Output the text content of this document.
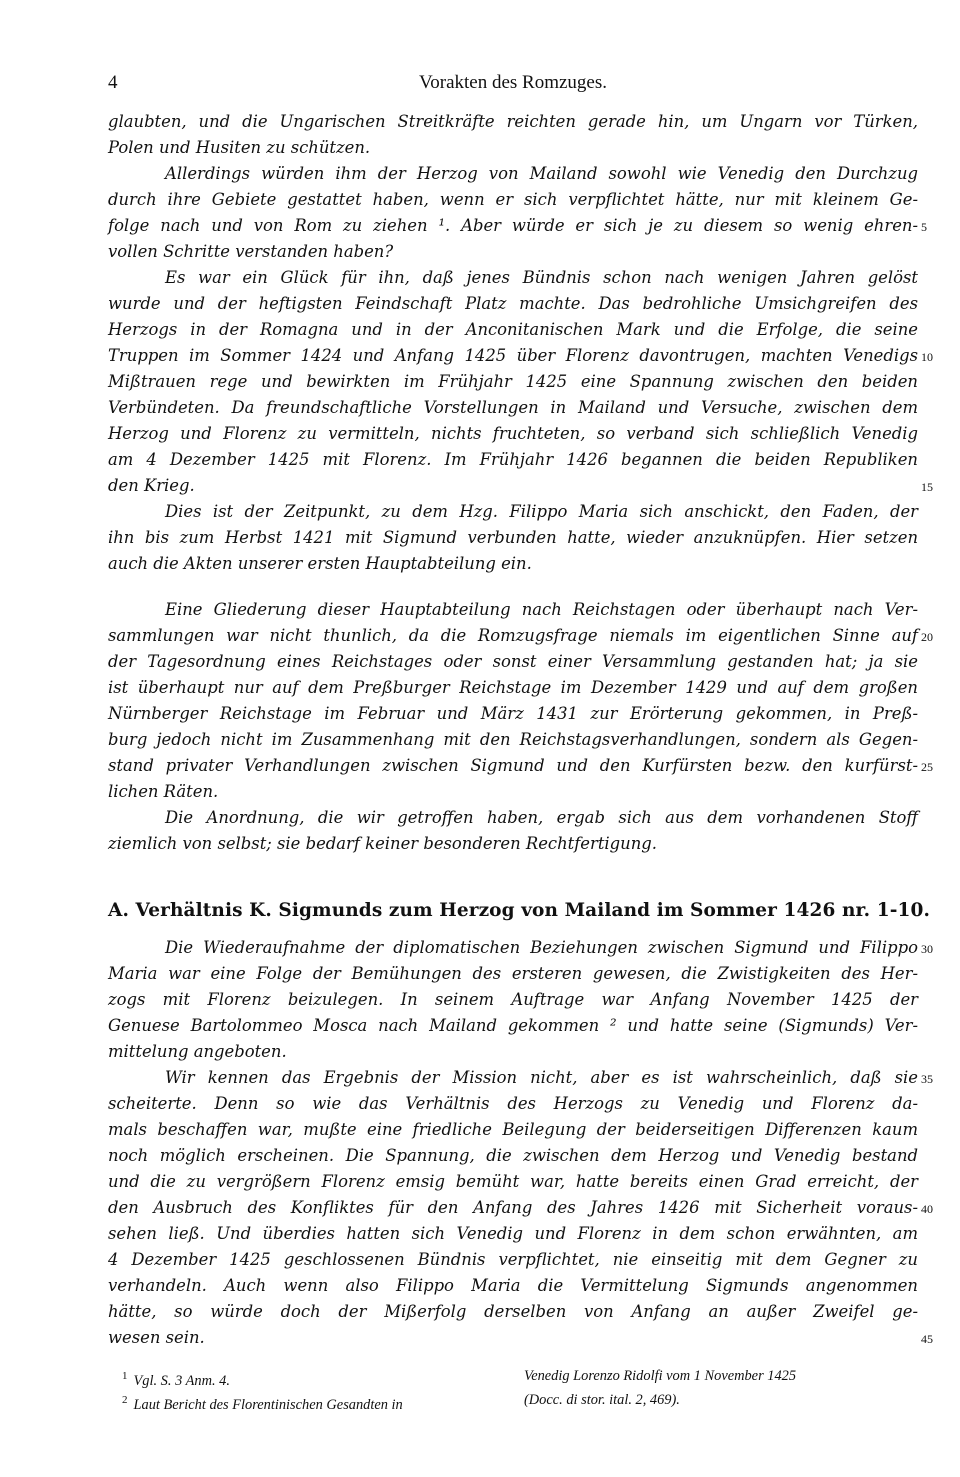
4	Vorakten des Romzuges.
glaubten, und die Ungarischen Streitkräfte reichten gerade hin, um Ungarn vor Türken,
Polen und Husiten zu schützen.
Allerdings würden ihm der Herzog von Mailand sowohl wie Venedig den Durchzug
durch ihre Gebiete gestattet haben, wenn er sich verpflichtet hätte, nur mit kleinem Ge-
folge nach und von Rom zu ziehen ¹. Aber würde er sich je zu diesem so wenig ehren-
vollen Schritte verstanden haben?
Es war ein Glück für ihn, daß jenes Bündnis schon nach wenigen Jahren gelöst
wurde und der heftigsten Feindschaft Platz machte. Das bedrohliche Umsichgreifen des
Herzogs in der Romagna und in der Anconitanischen Mark und die Erfolge, die seine
Truppen im Sommer 1424 und Anfang 1425 über Florenz davontrugen, machten Venedigs
Mißtrauen rege und bewirkten im Frühjahr 1425 eine Spannung zwischen den beiden
Verbündeten. Da freundschaftliche Vorstellungen in Mailand und Versuche, zwischen dem
Herzog und Florenz zu vermitteln, nichts fruchteten, so verband sich schließlich Venedig
am 4 Dezember 1425 mit Florenz. Im Frühjahr 1426 begannen die beiden Republiken
den Krieg.
Dies ist der Zeitpunkt, zu dem Hzg. Filippo Maria sich anschickt, den Faden, der
ihn bis zum Herbst 1421 mit Sigmund verbunden hatte, wieder anzuknüpfen. Hier setzen
auch die Akten unserer ersten Hauptabteilung ein.
Eine Gliederung dieser Hauptabteilung nach Reichstagen oder überhaupt nach Ver-
sammlungen war nicht thunlich, da die Romzugsfrage niemals im eigentlichen Sinne auf
der Tagesordnung eines Reichstages oder sonst einer Versammlung gestanden hat; ja sie
ist überhaupt nur auf dem Preßburger Reichstage im Dezember 1429 und auf dem großen
Nürnberger Reichstage im Februar und März 1431 zur Erörterung gekommen, in Preß-
burg jedoch nicht im Zusammenhang mit den Reichstagsverhandlungen, sondern als Gegen-
stand privater Verhandlungen zwischen Sigmund und den Kurfürsten bezw. den kurfürst-
lichen Räten.
Die Anordnung, die wir getroffen haben, ergab sich aus dem vorhandenen Stoff
ziemlich von selbst; sie bedarf keiner besonderen Rechtfertigung.
A. Verhältnis K. Sigmunds zum Herzog von Mailand im Sommer 1426 nr. 1-10.
Die Wiederaufnahme der diplomatischen Beziehungen zwischen Sigmund und Filippo
Maria war eine Folge der Bemühungen des ersteren gewesen, die Zwistigkeiten des Her-
zogs mit Florenz beizulegen. In seinem Auftrage war Anfang November 1425 der
Genuese Bartolommeo Mosca nach Mailand gekommen ² und hatte seine (Sigmunds) Ver-
mittelung angeboten.
Wir kennen das Ergebnis der Mission nicht, aber es ist wahrscheinlich, daß sie
scheiterte. Denn so wie das Verhältnis des Herzogs zu Venedig und Florenz da-
mals beschaffen war, mußte eine friedliche Beilegung der beiderseitigen Differenzen kaum
noch möglich erscheinen. Die Spannung, die zwischen dem Herzog und Venedig bestand
und die zu vergrößern Florenz emsig bemüht war, hatte bereits einen Grad erreicht, der
den Ausbruch des Konfliktes für den Anfang des Jahres 1426 mit Sicherheit voraus-
sehen ließ. Und überdies hatten sich Venedig und Florenz in dem schon erwähnten, am
4 Dezember 1425 geschlossenen Bündnis verpflichtet, nie einseitig mit dem Gegner zu
verhandeln. Auch wenn also Filippo Maria die Vermittelung Sigmunds angenommen
hätte, so würde doch der Mißerfolg derselben von Anfang an außer Zweifel ge-
wesen sein.
5
10
15
20
25
30
35
40
45
$^1$ Vgl. S. 3 Anm. 4.
$^2$ Laut Bericht des Florentinischen Gesandten in
Venedig Lorenzo Ridolfi vom 1 November 1425
(Docc. di stor. ital. 2, 469).
